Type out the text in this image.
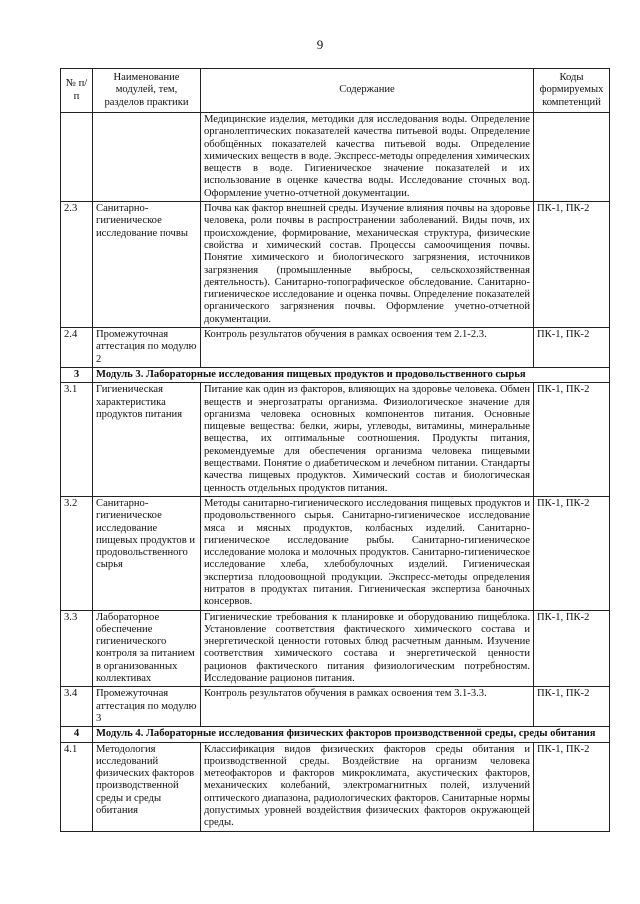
9
№ п/п	Наименование модулей, тем, разделов практики	Содержание	Коды формируемых компетенций
		Медицинские изделия, методики для исследования воды. Определение органолептических показателей качества питьевой воды. Определение обобщённых показателей качества питьевой воды. Определение химических веществ в воде. Экспресс-методы определения химических веществ в воде. Гигиеническое значение показателей и их использование в оценке качества воды. Исследование сточных вод. Оформление учетно-отчетной документации.	
2.3	Санитарно-гигиеническое исследование почвы	Почва как фактор внешней среды. Изучение влияния почвы на здоровье человека, роли почвы в распространении заболеваний. Виды почв, их происхождение, формирование, механическая структура, физические свойства и химический состав. Процессы самоочищения почвы. Понятие химического и биологического загрязнения, источников загрязнения (промышленные выбросы, сельскохозяйственная деятельность). Санитарно-топографическое обследование. Санитарно-гигиеническое исследование и оценка почвы. Определение показателей органического загрязнения почвы. Оформление учетно-отчетной документации.	ПК-1, ПК-2
2.4	Промежуточная аттестация по модулю 2	Контроль результатов обучения в рамках освоения тем 2.1-2.3.	ПК-1, ПК-2
3	Модуль 3. Лабораторные исследования пищевых продуктов и продовольственного сырья		
3.1	Гигиеническая характеристика продуктов питания	Питание как один из факторов, влияющих на здоровье человека. Обмен веществ и энергозатраты организма. Физиологическое значение для организма человека основных компонентов питания. Основные пищевые вещества: белки, жиры, углеводы, витамины, минеральные вещества, их оптимальные соотношения. Продукты питания, рекомендуемые для обеспечения организма человека пищевыми веществами. Понятие о диабетическом и лечебном питании. Стандарты качества пищевых продуктов. Химический состав и биологическая ценность отдельных продуктов питания.	ПК-1, ПК-2
3.2	Санитарно-гигиеническое исследование пищевых продуктов и продовольственного сырья	Методы санитарно-гигиенического исследования пищевых продуктов и продовольственного сырья. Санитарно-гигиеническое исследование мяса и мясных продуктов, колбасных изделий. Санитарно-гигиеническое исследование рыбы. Санитарно-гигиеническое исследование молока и молочных продуктов. Санитарно-гигиеническое исследование хлеба, хлебобулочных изделий. Гигиеническая экспертиза плодоовощной продукции. Экспресс-методы определения нитратов в продуктах питания. Гигиеническая экспертиза баночных консервов.	ПК-1, ПК-2
3.3	Лабораторное обеспечение гигиенического контроля за питанием в организованных коллективах	Гигиенические требования к планировке и оборудованию пищеблока. Установление соответствия фактического химического состава и энергетической ценности готовых блюд расчетным данным. Изучение соответствия химического состава и энергетической ценности рационов фактического питания физиологическим потребностям. Исследование рационов питания.	ПК-1, ПК-2
3.4	Промежуточная аттестация по модулю 3	Контроль результатов обучения в рамках освоения тем 3.1-3.3.	ПК-1, ПК-2
4	Модуль 4. Лабораторные исследования физических факторов производственной среды, среды обитания		
4.1	Методология исследований физических факторов производственной среды и среды обитания	Классификация видов физических факторов среды обитания и производственной среды. Воздействие на организм человека метеофакторов и факторов микроклимата, акустических факторов, механических колебаний, электромагнитных полей, излучений оптического диапазона, радиологических факторов. Санитарные нормы допустимых уровней воздействия физических факторов окружающей среды.	ПК-1, ПК-2
